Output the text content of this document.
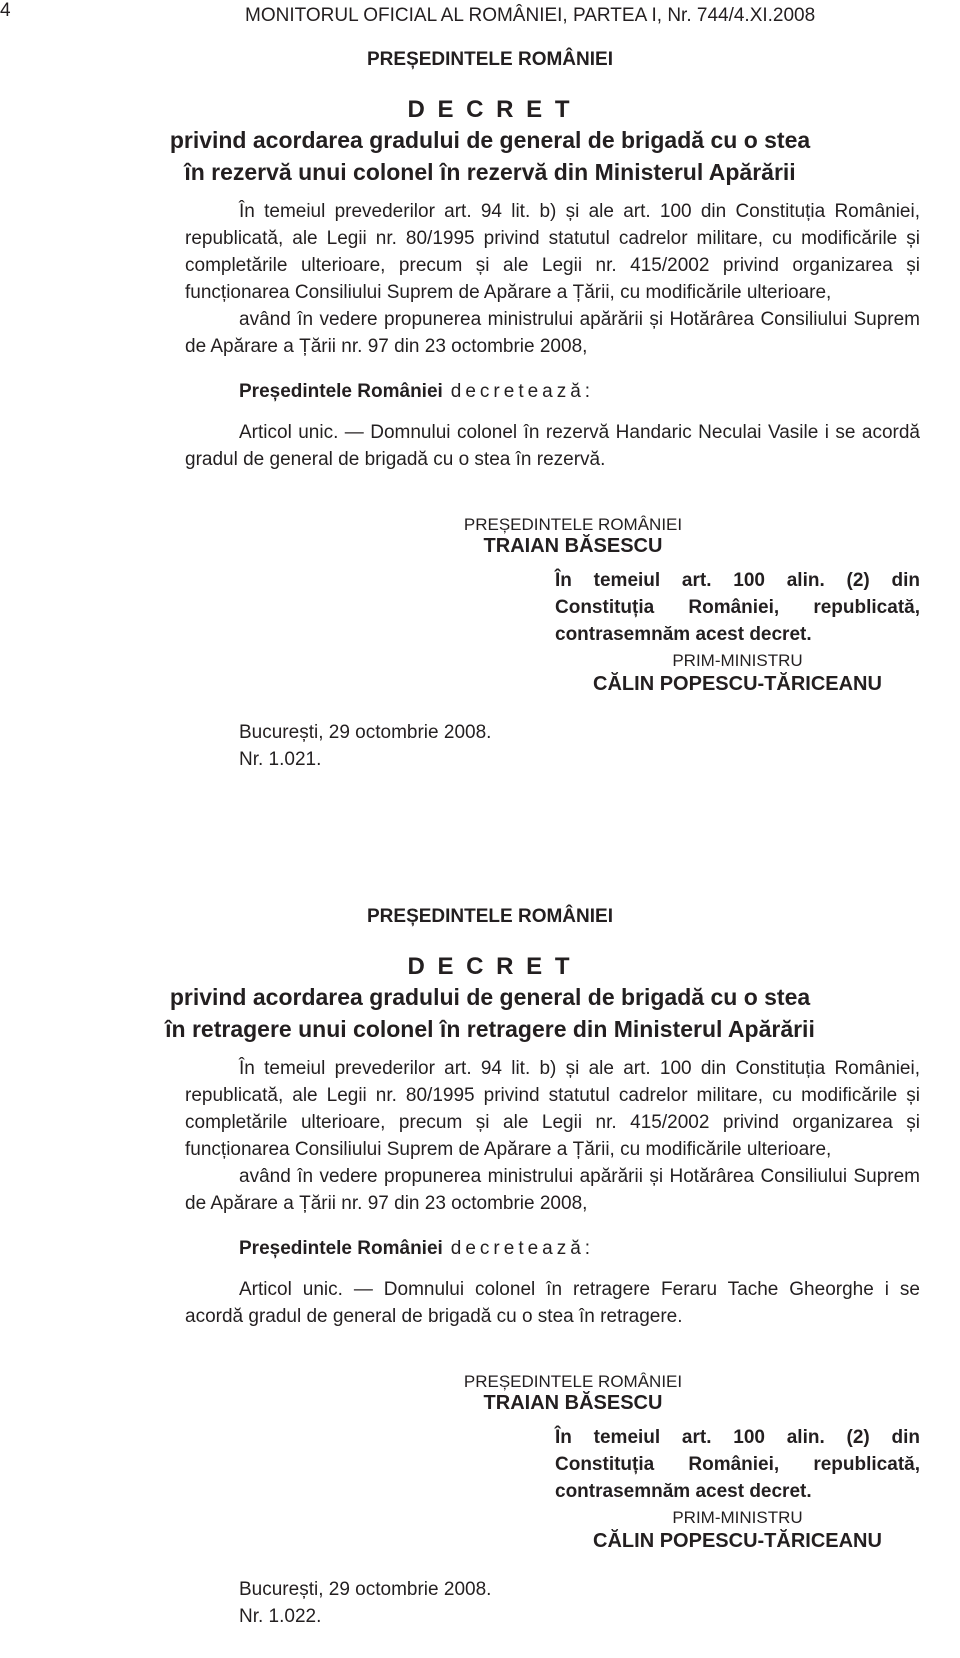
4	MONITORUL OFICIAL AL ROMÂNIEI, PARTEA I, Nr. 744/4.XI.2008
PREȘEDINTELE ROMÂNIEI
D E C R E T
privind acordarea gradului de general de brigadă cu o stea
în rezervă unui colonel în rezervă din Ministerul Apărării

În temeiul prevederilor art. 94 lit. b) și ale art. 100 din Constituția României, republicată, ale Legii nr. 80/1995 privind statutul cadrelor militare, cu modificările și completările ulterioare, precum și ale Legii nr. 415/2002 privind organizarea și funcționarea Consiliului Suprem de Apărare a Țării, cu modificările ulterioare,

având în vedere propunerea ministrului apărării și Hotărârea Consiliului Suprem de Apărare a Țării nr. 97 din 23 octombrie 2008,

Președintele României decretează:

Articol unic. — Domnului colonel în rezervă Handaric Neculai Vasile i se acordă gradul de general de brigadă cu o stea în rezervă.

PREȘEDINTELE ROMÂNIEI
TRAIAN BĂSESCU
În temeiul art. 100 alin. (2) din
Constituția României, republicată,
contrasemnăm acest decret.
PRIM-MINISTRU
CĂLIN POPESCU-TĂRICEANU
București, 29 octombrie 2008.
Nr. 1.021.
PREȘEDINTELE ROMÂNIEI
D E C R E T
privind acordarea gradului de general de brigadă cu o stea
în retragere unui colonel în retragere din Ministerul Apărării

În temeiul prevederilor art. 94 lit. b) și ale art. 100 din Constituția României, republicată, ale Legii nr. 80/1995 privind statutul cadrelor militare, cu modificările și completările ulterioare, precum și ale Legii nr. 415/2002 privind organizarea și funcționarea Consiliului Suprem de Apărare a Țării, cu modificările ulterioare,

având în vedere propunerea ministrului apărării și Hotărârea Consiliului Suprem de Apărare a Țării nr. 97 din 23 octombrie 2008,

Președintele României decretează:

Articol unic. — Domnului colonel în retragere Feraru Tache Gheorghe i se acordă gradul de general de brigadă cu o stea în retragere.

PREȘEDINTELE ROMÂNIEI
TRAIAN BĂSESCU
În temeiul art. 100 alin. (2) din
Constituția României, republicată,
contrasemnăm acest decret.
PRIM-MINISTRU
CĂLIN POPESCU-TĂRICEANU
București, 29 octombrie 2008.
Nr. 1.022.
